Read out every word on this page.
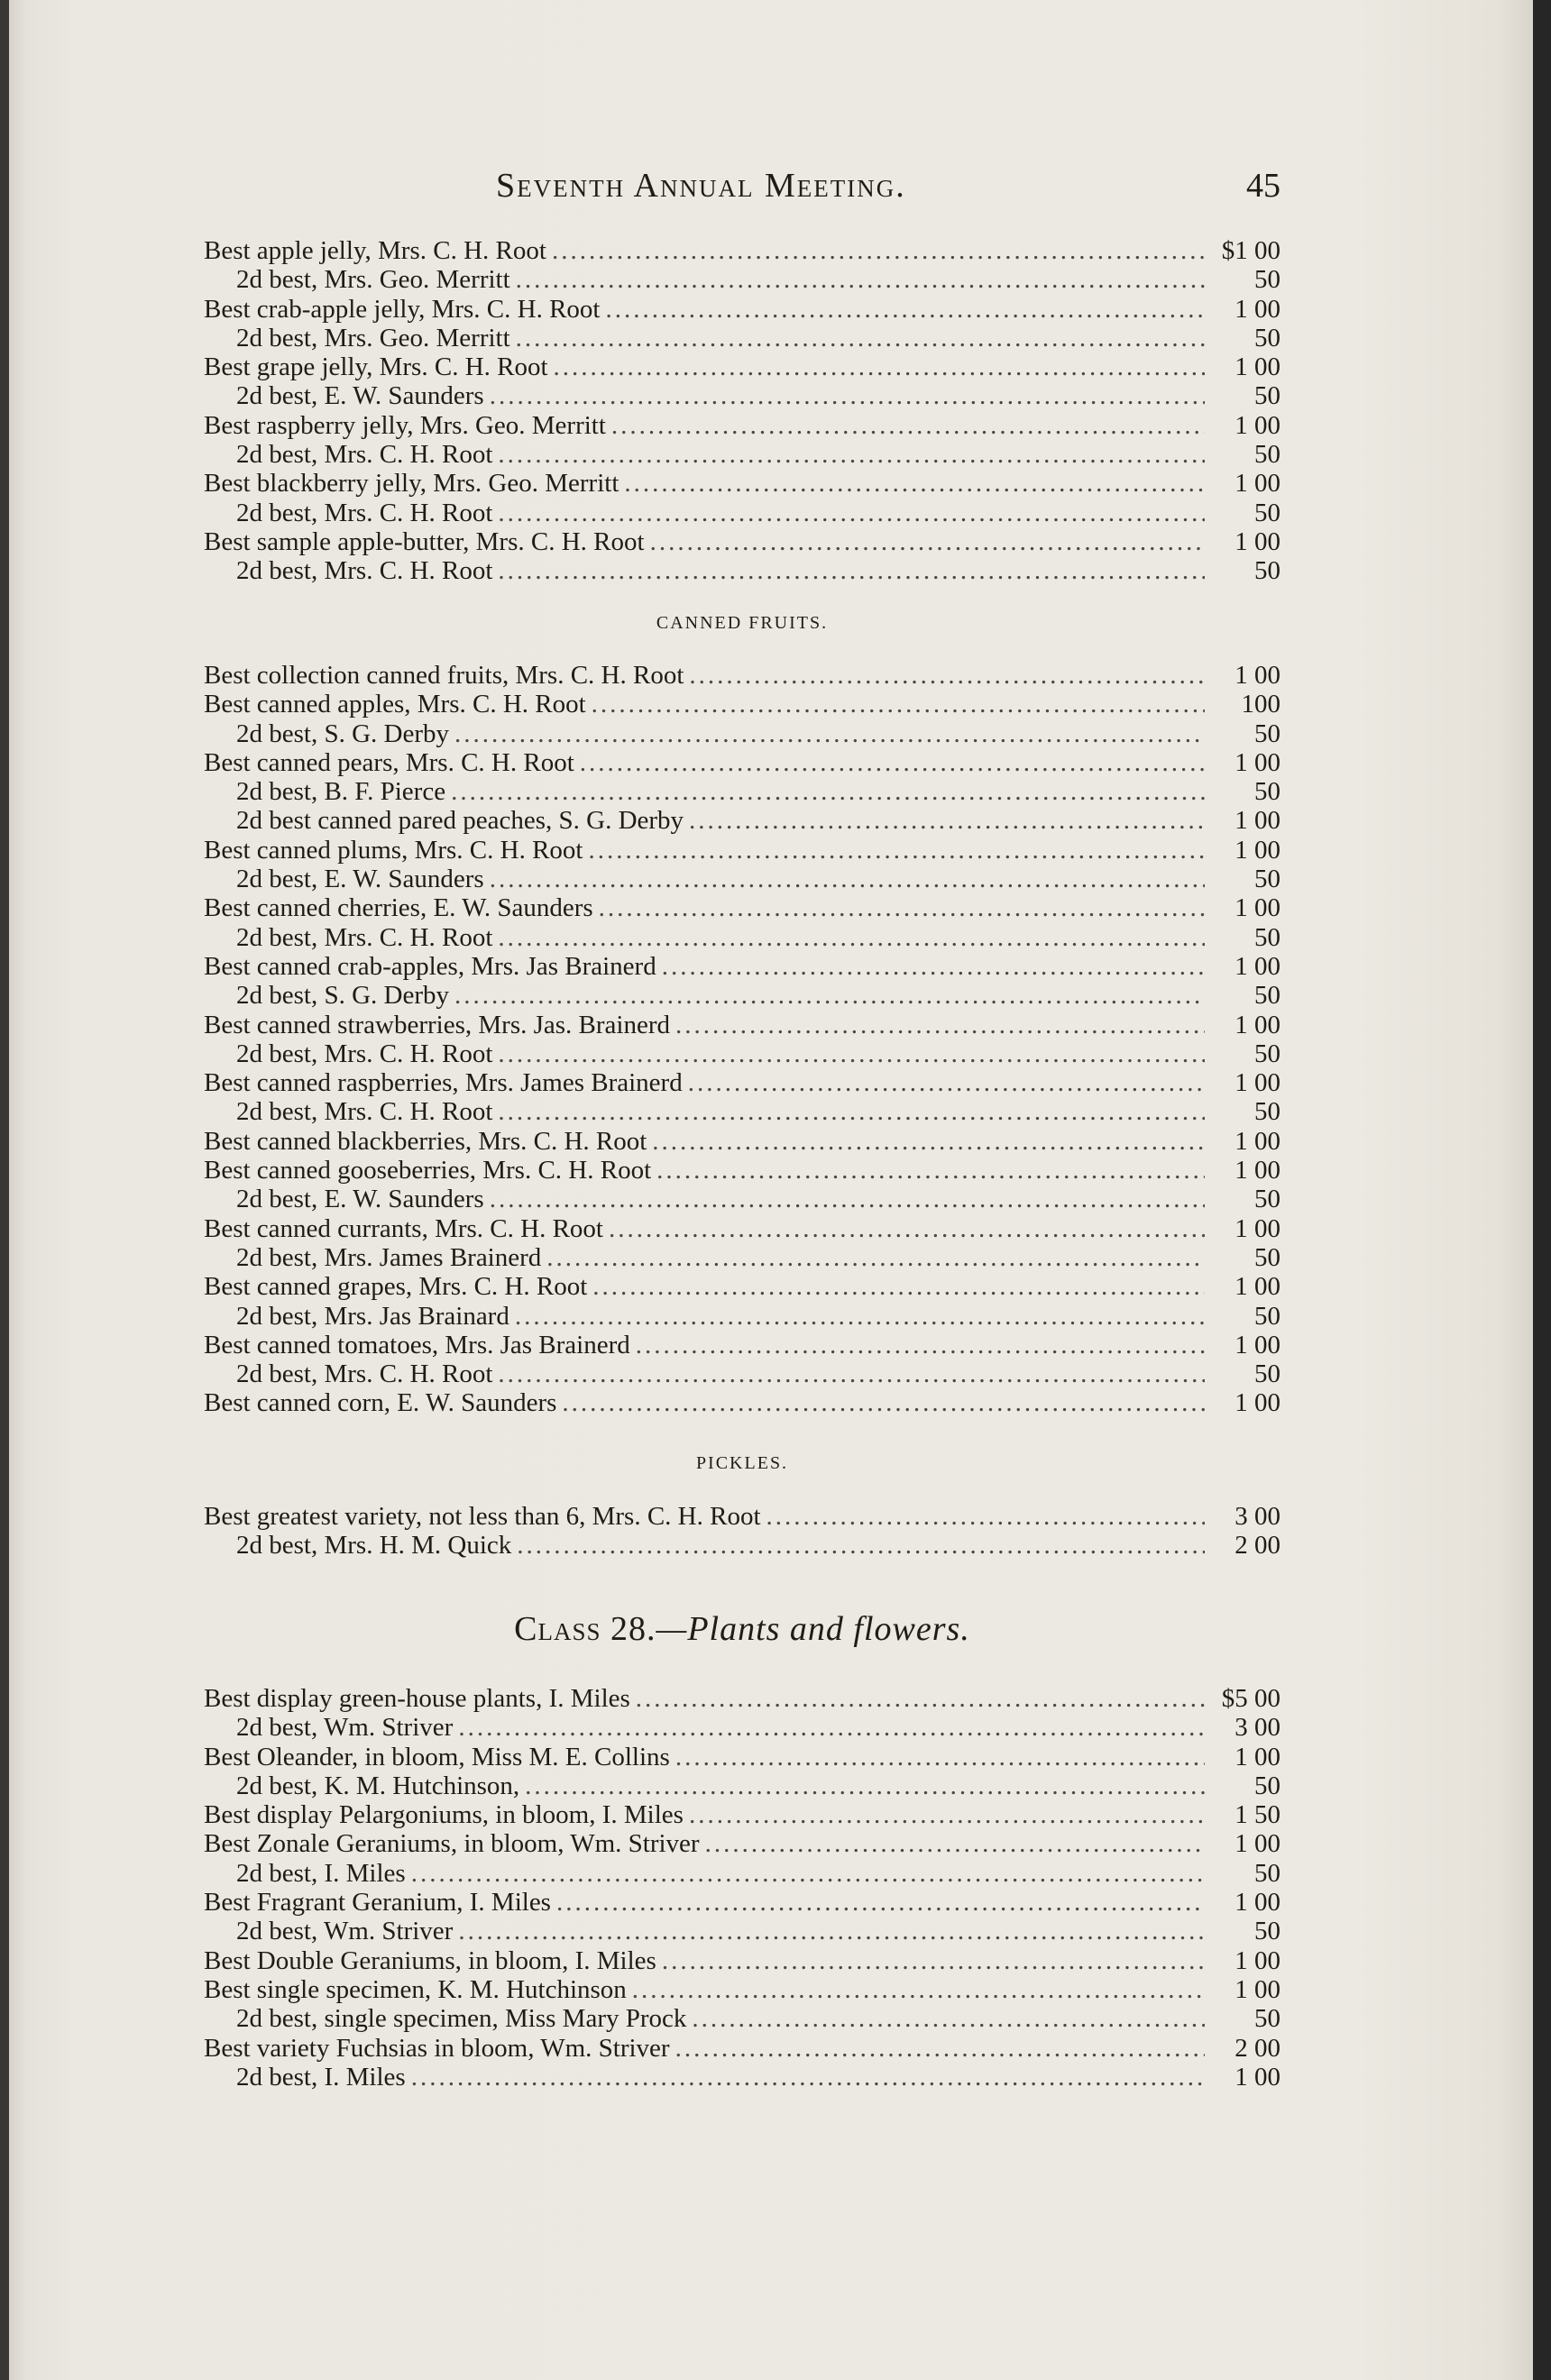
Seventh Annual Meeting.	45
Best apple jelly, Mrs. C. H. Root .....	$1 00
2d best, Mrs. Geo. Merritt .....	50
Best crab-apple jelly, Mrs. C. H. Root .....	1 00
2d best, Mrs. Geo. Merritt .....	50
Best grape jelly, Mrs. C. H. Root .....	1 00
2d best, E. W. Saunders .....	50
Best raspberry jelly, Mrs. Geo. Merritt .....	1 00
2d best, Mrs. C. H. Root .....	50
Best blackberry jelly, Mrs. Geo. Merritt .....	1 00
2d best, Mrs. C. H. Root .....	50
Best sample apple-butter, Mrs. C. H. Root .....	1 00
2d best, Mrs. C. H. Root .....	50
CANNED FRUITS.
Best collection canned fruits, Mrs. C. H. Root .....	1 00
Best canned apples, Mrs. C. H. Root .....	100
2d best, S. G. Derby .....	50
Best canned pears, Mrs. C. H. Root .....	1 00
2d best, B. F. Pierce .....	50
2d best canned pared peaches, S. G. Derby .....	1 00
Best canned plums, Mrs. C. H. Root .....	1 00
2d best, E. W. Saunders .....	50
Best canned cherries, E. W. Saunders .....	1 00
2d best, Mrs. C. H. Root .....	50
Best canned crab-apples, Mrs. Jas Brainerd .....	1 00
2d best, S. G. Derby .....	50
Best canned strawberries, Mrs. Jas. Brainerd .....	1 00
2d best, Mrs. C. H. Root .....	50
Best canned raspberries, Mrs. James Brainerd .....	1 00
2d best, Mrs. C. H. Root .....	50
Best canned blackberries, Mrs. C. H. Root .....	1 00
Best canned gooseberries, Mrs. C. H. Root .....	1 00
2d best, E. W. Saunders .....	50
Best canned currants, Mrs. C. H. Root .....	1 00
2d best, Mrs. James Brainerd .....	50
Best canned grapes, Mrs. C. H. Root .....	1 00
2d best, Mrs. Jas Brainard .....	50
Best canned tomatoes, Mrs. Jas Brainerd .....	1 00
2d best, Mrs. C. H. Root .....	50
Best canned corn, E. W. Saunders .....	1 00
PICKLES.
Best greatest variety, not less than 6, Mrs. C. H. Root .....	3 00
2d best, Mrs. H. M. Quick .....	2 00
Class 28.—Plants and flowers.
Best display green-house plants, I. Miles .....	$5 00
2d best, Wm. Striver .....	3 00
Best Oleander, in bloom, Miss M. E. Collins .....	1 00
2d best, K. M. Hutchinson, .....	50
Best display Pelargoniums, in bloom, I. Miles .....	1 50
Best Zonale Geraniums, in bloom, Wm. Striver .....	1 00
2d best, I. Miles .....	50
Best Fragrant Geranium, I. Miles .....	1 00
2d best, Wm. Striver .....	50
Best Double Geraniums, in bloom, I. Miles .....	1 00
Best single specimen, K. M. Hutchinson .....	1 00
2d best, single specimen, Miss Mary Prock .....	50
Best variety Fuchsias in bloom, Wm. Striver .....	2 00
2d best, I. Miles .....	1 00
